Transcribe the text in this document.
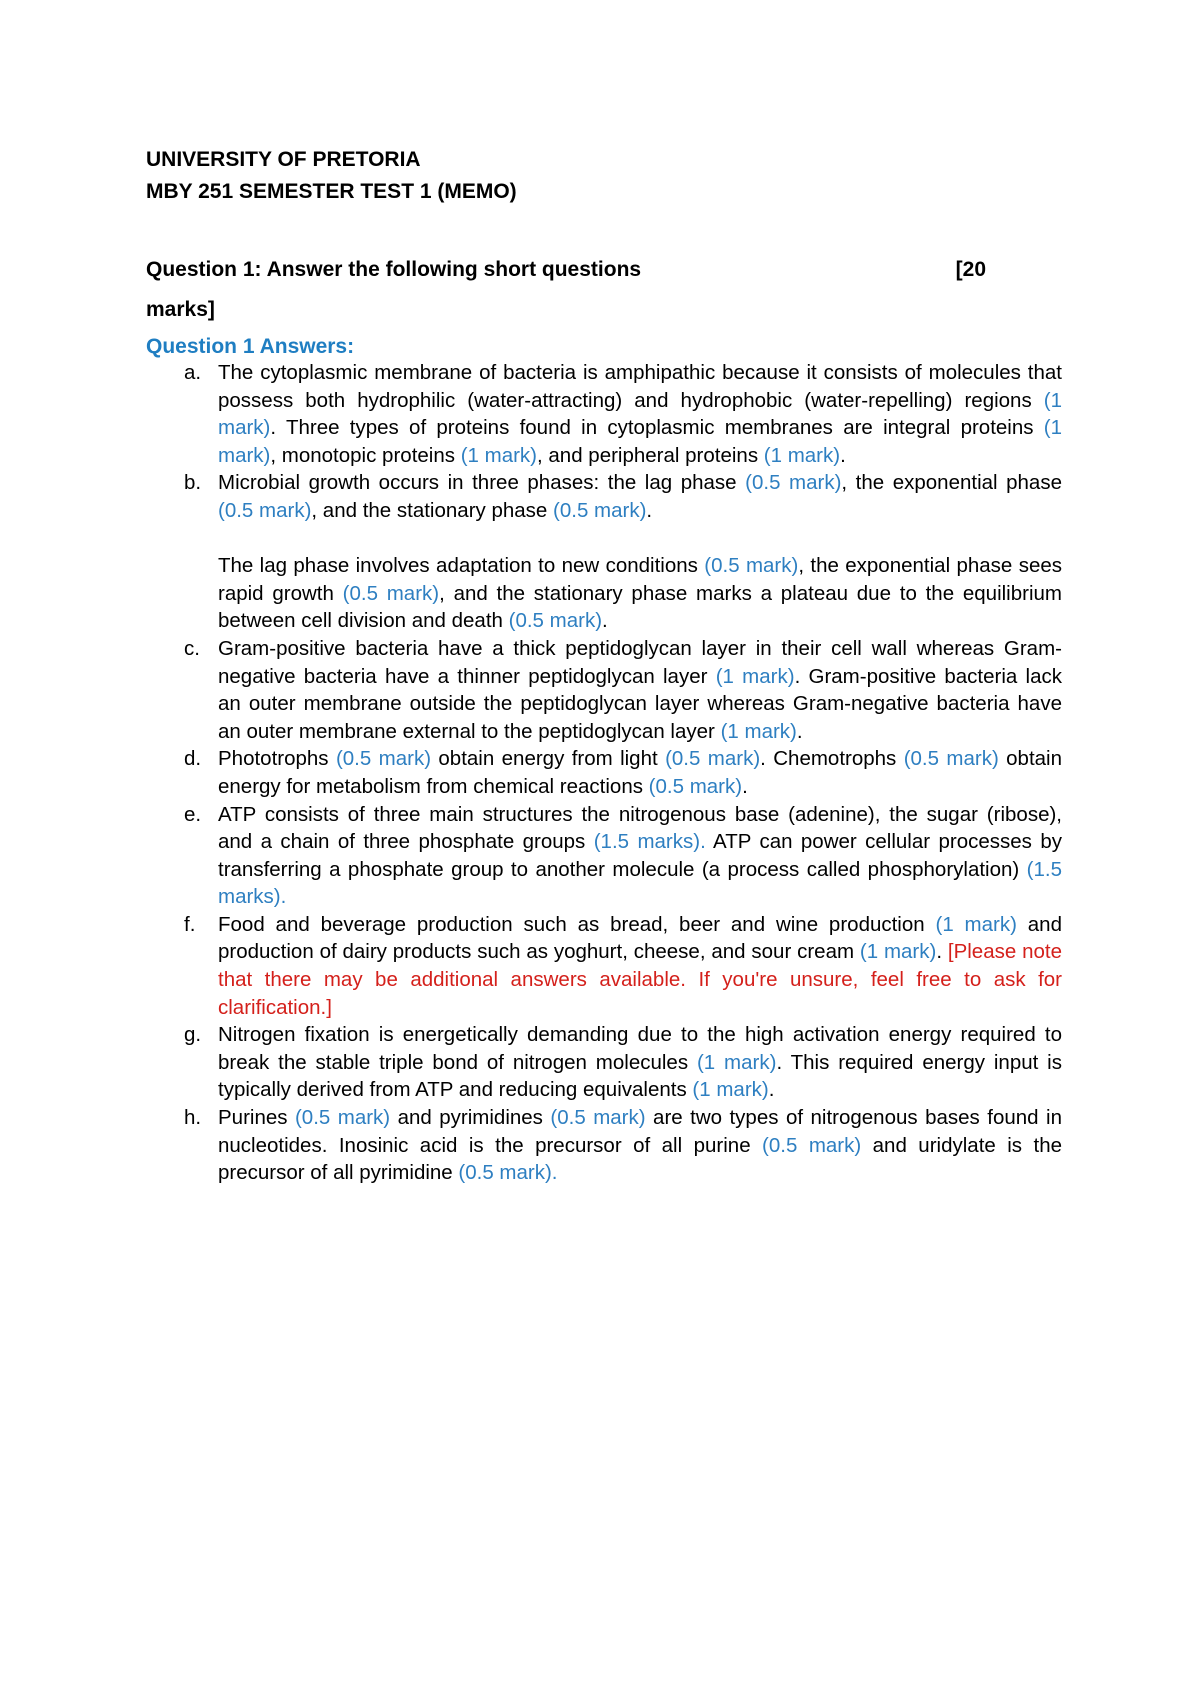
UNIVERSITY OF PRETORIA
MBY 251 SEMESTER TEST 1 (MEMO)
Question 1: Answer the following short questions	[20
marks]
Question 1 Answers:
a. The cytoplasmic membrane of bacteria is amphipathic because it consists of molecules that possess both hydrophilic (water-attracting) and hydrophobic (water-repelling) regions (1 mark). Three types of proteins found in cytoplasmic membranes are integral proteins (1 mark), monotopic proteins (1 mark), and peripheral proteins (1 mark).

b. Microbial growth occurs in three phases: the lag phase (0.5 mark), the exponential phase (0.5 mark), and the stationary phase (0.5 mark).

The lag phase involves adaptation to new conditions (0.5 mark), the exponential phase sees rapid growth (0.5 mark), and the stationary phase marks a plateau due to the equilibrium between cell division and death (0.5 mark).

c. Gram-positive bacteria have a thick peptidoglycan layer in their cell wall whereas Gram-negative bacteria have a thinner peptidoglycan layer (1 mark). Gram-positive bacteria lack an outer membrane outside the peptidoglycan layer whereas Gram-negative bacteria have an outer membrane external to the peptidoglycan layer (1 mark).

d. Phototrophs (0.5 mark) obtain energy from light (0.5 mark). Chemotrophs (0.5 mark) obtain energy for metabolism from chemical reactions (0.5 mark).

e. ATP consists of three main structures the nitrogenous base (adenine), the sugar (ribose), and a chain of three phosphate groups (1.5 marks). ATP can power cellular processes by transferring a phosphate group to another molecule (a process called phosphorylation) (1.5 marks).

f. Food and beverage production such as bread, beer and wine production (1 mark) and production of dairy products such as yoghurt, cheese, and sour cream (1 mark). [Please note that there may be additional answers available. If you're unsure, feel free to ask for clarification.]

g. Nitrogen fixation is energetically demanding due to the high activation energy required to break the stable triple bond of nitrogen molecules (1 mark). This required energy input is typically derived from ATP and reducing equivalents (1 mark).

h. Purines (0.5 mark) and pyrimidines (0.5 mark) are two types of nitrogenous bases found in nucleotides. Inosinic acid is the precursor of all purine (0.5 mark) and uridylate is the precursor of all pyrimidine (0.5 mark).
